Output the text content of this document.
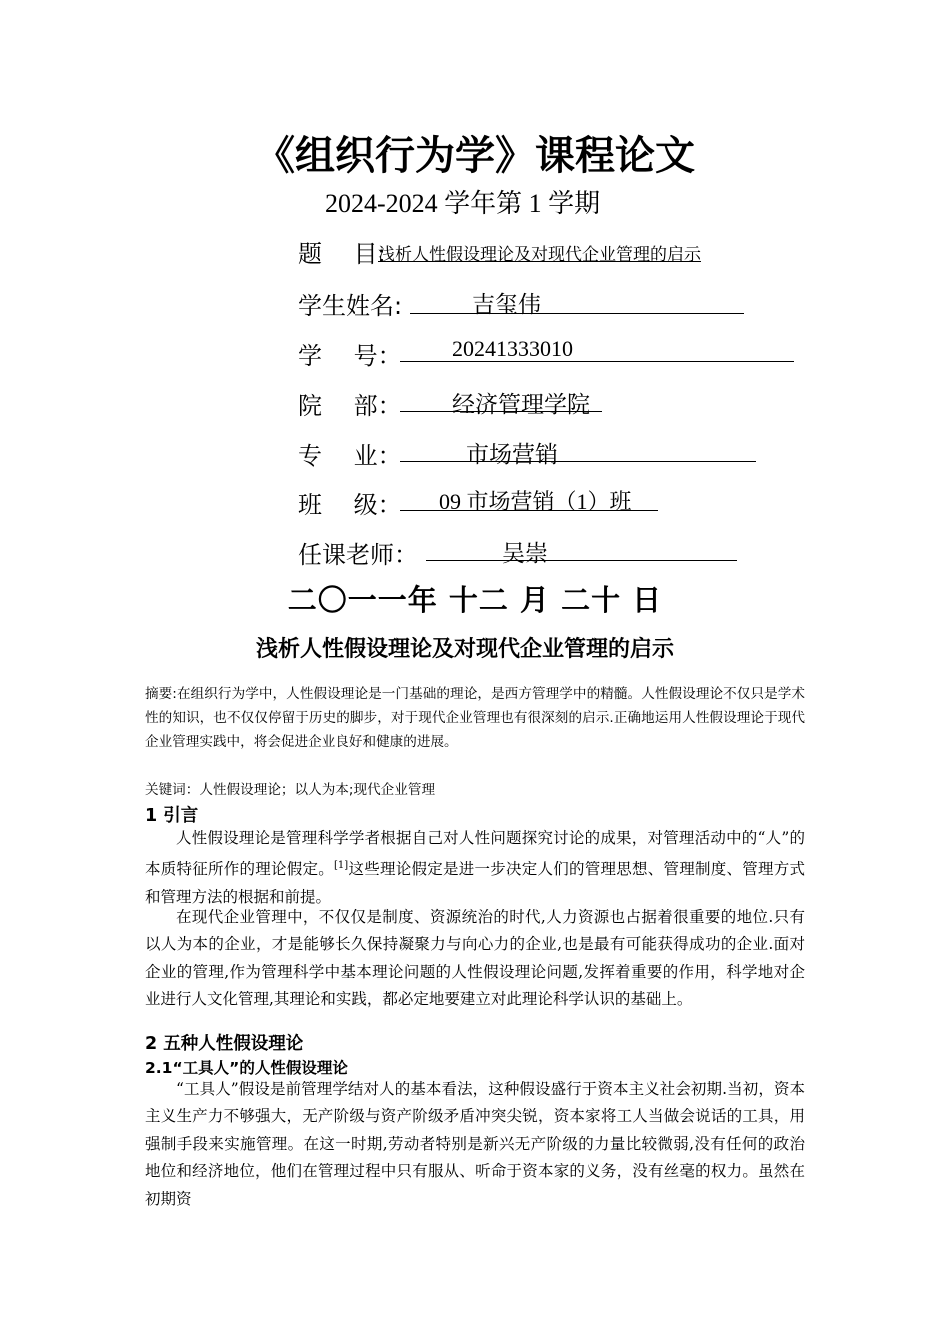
《组织行为学》课程论文
2024-2024 学年第 1 学期
题　 目:
浅析人性假设理论及对现代企业管理的启示
学生姓名:	吉玺伟
学　 号： 20241333010
院　 部： 经济管理学院
专　 业：	市场营销
班　 级： 09 市场营销（1）班
任课老师：	吴崇
二〇一一年 十二 月 二十 日
浅析人性假设理论及对现代企业管理的启示
摘要:在组织行为学中，人性假设理论是一门基础的理论，是西方管理学中的精髓。人性假设理论不仅只是学术性的知识，也不仅仅停留于历史的脚步，对于现代企业管理也有很深刻的启示.正确地运用人性假设理论于现代企业管理实践中，将会促进企业良好和健康的进展。
关键词：人性假设理论；以人为本;现代企业管理
1 引言
人性假设理论是管理科学学者根据自己对人性问题探究讨论的成果，对管理活动中的“人”的本质特征所作的理论假定。[1]这些理论假定是进一步决定人们的管理思想、管理制度、管理方式和管理方法的根据和前提。
在现代企业管理中，不仅仅是制度、资源统治的时代,人力资源也占据着很重要的地位.只有以人为本的企业，才是能够长久保持凝聚力与向心力的企业,也是最有可能获得成功的企业.面对企业的管理,作为管理科学中基本理论问题的人性假设理论问题,发挥着重要的作用，科学地对企业进行人文化管理,其理论和实践，都必定地要建立对此理论科学认识的基础上。
2 五种人性假设理论
2.1“工具人”的人性假设理论
“工具人”假设是前管理学结对人的基本看法，这种假设盛行于资本主义社会初期.当初，资本主义生产力不够强大，无产阶级与资产阶级矛盾冲突尖锐，资本家将工人当做会说话的工具，用强制手段来实施管理。在这一时期,劳动者特别是新兴无产阶级的力量比较微弱,没有任何的政治地位和经济地位，他们在管理过程中只有服从、听命于资本家的义务，没有丝毫的权力。虽然在初期资
